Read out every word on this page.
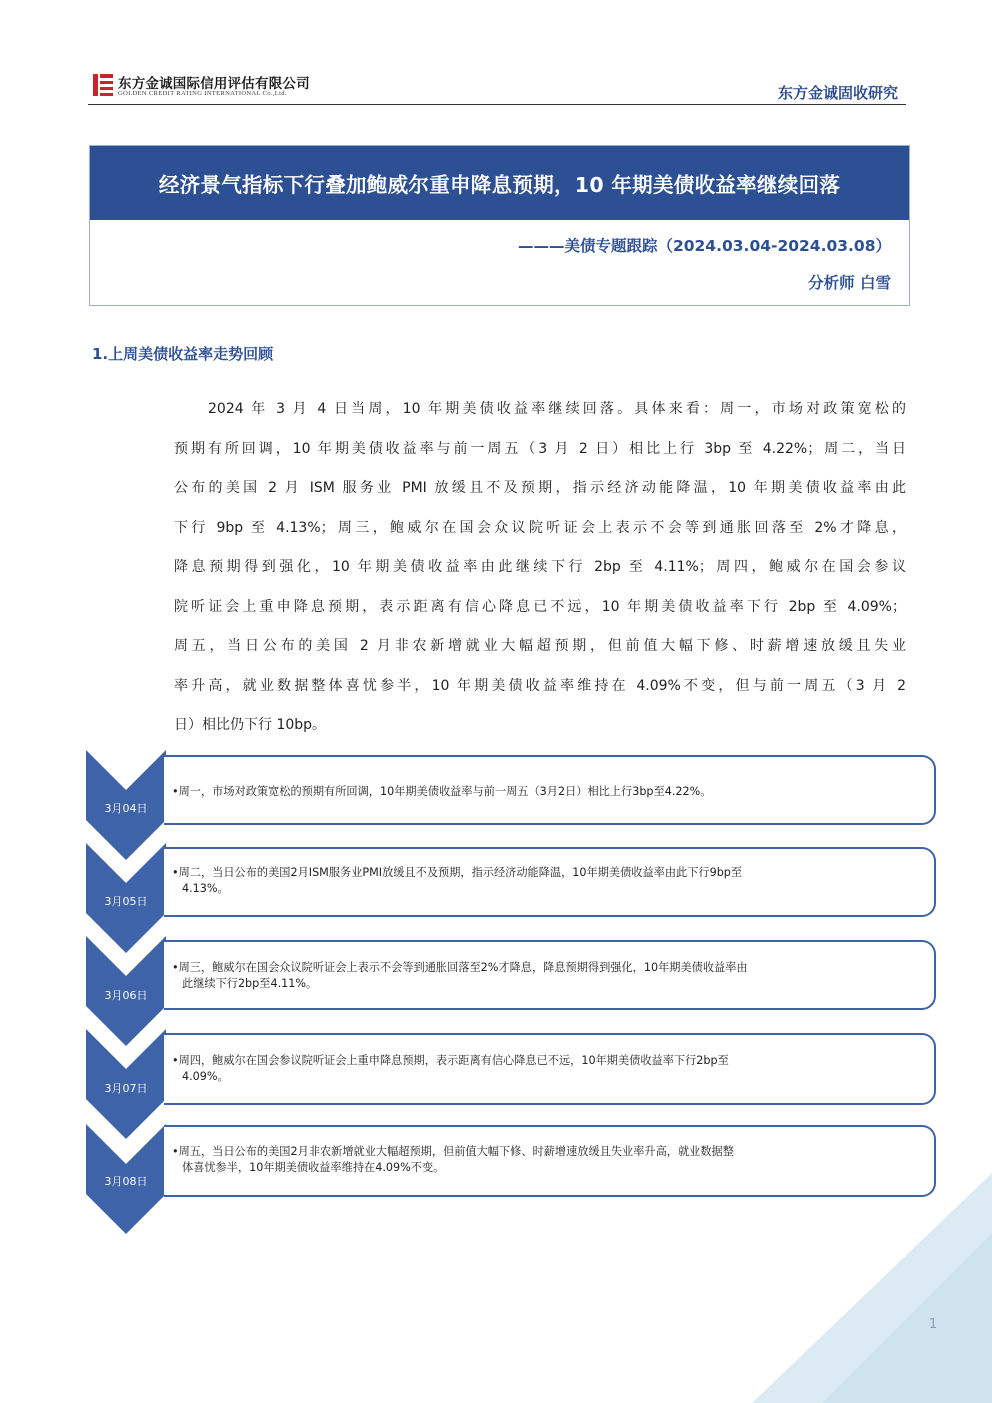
东方金诚国际信用评估有限公司
GOLDEN CREDIT RATING INTERNATIONAL Co.,Ltd.	东方金诚固收研究
经济景气指标下行叠加鲍威尔重申降息预期，10 年期美债收益率继续回落
———美债专题跟踪（2024.03.04-2024.03.08）
分析师 白雪
1.上周美债收益率走势回顾
2024 年 3 月 4 日当周，10 年期美债收益率继续回落。具体来看：周一，市场对政策宽松的
预期有所回调，10 年期美债收益率与前一周五（3 月 2 日）相比上行 3bp 至 4.22%；周二，当日
公布的美国 2 月 ISM 服务业 PMI 放缓且不及预期，指示经济动能降温，10 年期美债收益率由此
下行 9bp 至 4.13%；周三，鲍威尔在国会众议院听证会上表示不会等到通胀回落至 2%才降息，
降息预期得到强化，10 年期美债收益率由此继续下行 2bp 至 4.11%；周四，鲍威尔在国会参议
院听证会上重申降息预期，表示距离有信心降息已不远，10 年期美债收益率下行 2bp 至 4.09%；
周五，当日公布的美国 2 月非农新增就业大幅超预期，但前值大幅下修、时薪增速放缓且失业
率升高，就业数据整体喜忧参半，10 年期美债收益率维持在 4.09%不变，但与前一周五（3 月 2
日）相比仍下行 10bp。
3月04日
•周一，市场对政策宽松的预期有所回调，10年期美债收益率与前一周五（3月2日）相比上行3bp至4.22%。
3月05日
•周二，当日公布的美国2月ISM服务业PMI放缓且不及预期，指示经济动能降温，10年期美债收益率由此下行9bp至
4.13%。
3月06日
•周三，鲍威尔在国会众议院听证会上表示不会等到通胀回落至2%才降息，降息预期得到强化，10年期美债收益率由
此继续下行2bp至4.11%。
3月07日
•周四，鲍威尔在国会参议院听证会上重申降息预期，表示距离有信心降息已不远，10年期美债收益率下行2bp至
4.09%。
3月08日
•周五，当日公布的美国2月非农新增就业大幅超预期，但前值大幅下修、时薪增速放缓且失业率升高，就业数据整
体喜忧参半，10年期美债收益率维持在4.09%不变。
·······························
1
